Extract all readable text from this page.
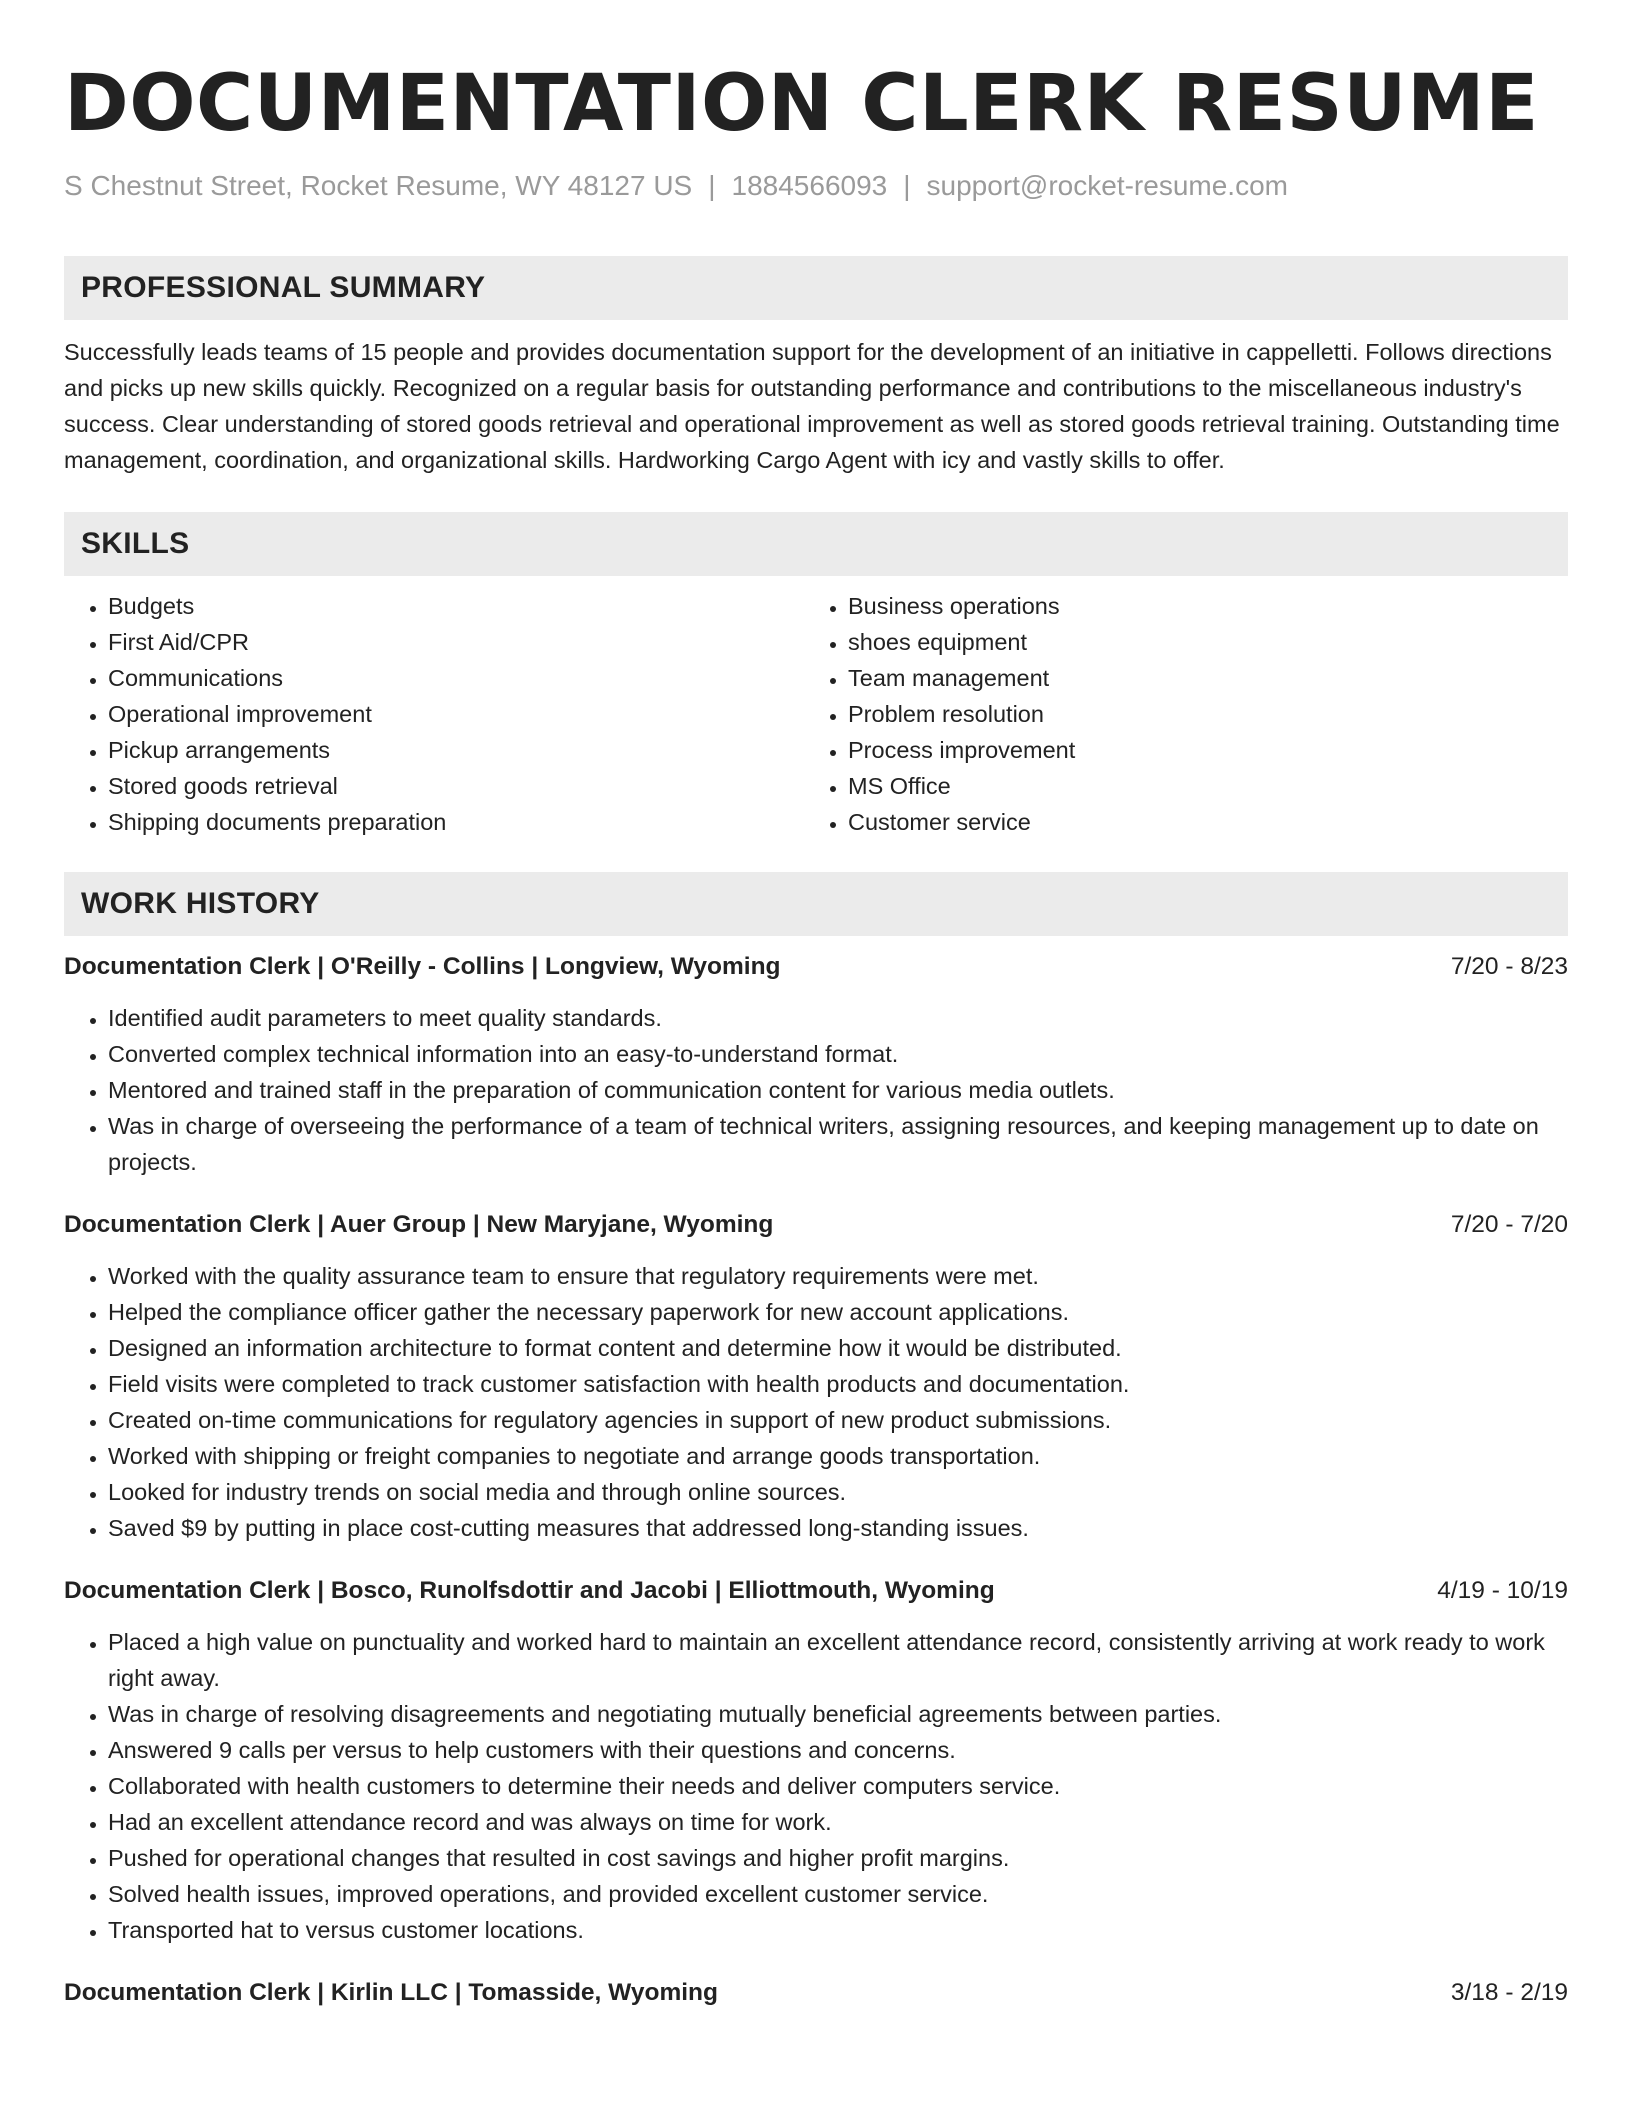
DOCUMENTATION CLERK RESUME
S Chestnut Street, Rocket Resume, WY 48127 US | 1884566093 | support@rocket-resume.com
PROFESSIONAL SUMMARY

Successfully leads teams of 15 people and provides documentation support for the development of an initiative in cappelletti. Follows directions and picks up new skills quickly. Recognized on a regular basis for outstanding performance and contributions to the miscellaneous industry's success. Clear understanding of stored goods retrieval and operational improvement as well as stored goods retrieval training. Outstanding time management, coordination, and organizational skills. Hardworking Cargo Agent with icy and vastly skills to offer.

SKILLS
• Budgets
• First Aid/CPR
• Communications
• Operational improvement
• Pickup arrangements
• Stored goods retrieval
• Shipping documents preparation
• Business operations
• shoes equipment
• Team management
• Problem resolution
• Process improvement
• MS Office
• Customer service
WORK HISTORY
Documentation Clerk | O'Reilly - Collins | Longview, Wyoming	7/20 - 8/23
• Identified audit parameters to meet quality standards.
• Converted complex technical information into an easy-to-understand format.
• Mentored and trained staff in the preparation of communication content for various media outlets.
• Was in charge of overseeing the performance of a team of technical writers, assigning resources, and keeping management up to date on projects.
Documentation Clerk | Auer Group | New Maryjane, Wyoming	7/20 - 7/20
• Worked with the quality assurance team to ensure that regulatory requirements were met.
• Helped the compliance officer gather the necessary paperwork for new account applications.
• Designed an information architecture to format content and determine how it would be distributed.
• Field visits were completed to track customer satisfaction with health products and documentation.
• Created on-time communications for regulatory agencies in support of new product submissions.
• Worked with shipping or freight companies to negotiate and arrange goods transportation.
• Looked for industry trends on social media and through online sources.
• Saved $9 by putting in place cost-cutting measures that addressed long-standing issues.
Documentation Clerk | Bosco, Runolfsdottir and Jacobi | Elliottmouth, Wyoming	4/19 - 10/19
• Placed a high value on punctuality and worked hard to maintain an excellent attendance record, consistently arriving at work ready to work right away.
• Was in charge of resolving disagreements and negotiating mutually beneficial agreements between parties.
• Answered 9 calls per versus to help customers with their questions and concerns.
• Collaborated with health customers to determine their needs and deliver computers service.
• Had an excellent attendance record and was always on time for work.
• Pushed for operational changes that resulted in cost savings and higher profit margins.
• Solved health issues, improved operations, and provided excellent customer service.
• Transported hat to versus customer locations.
Documentation Clerk | Kirlin LLC | Tomasside, Wyoming	3/18 - 2/19
